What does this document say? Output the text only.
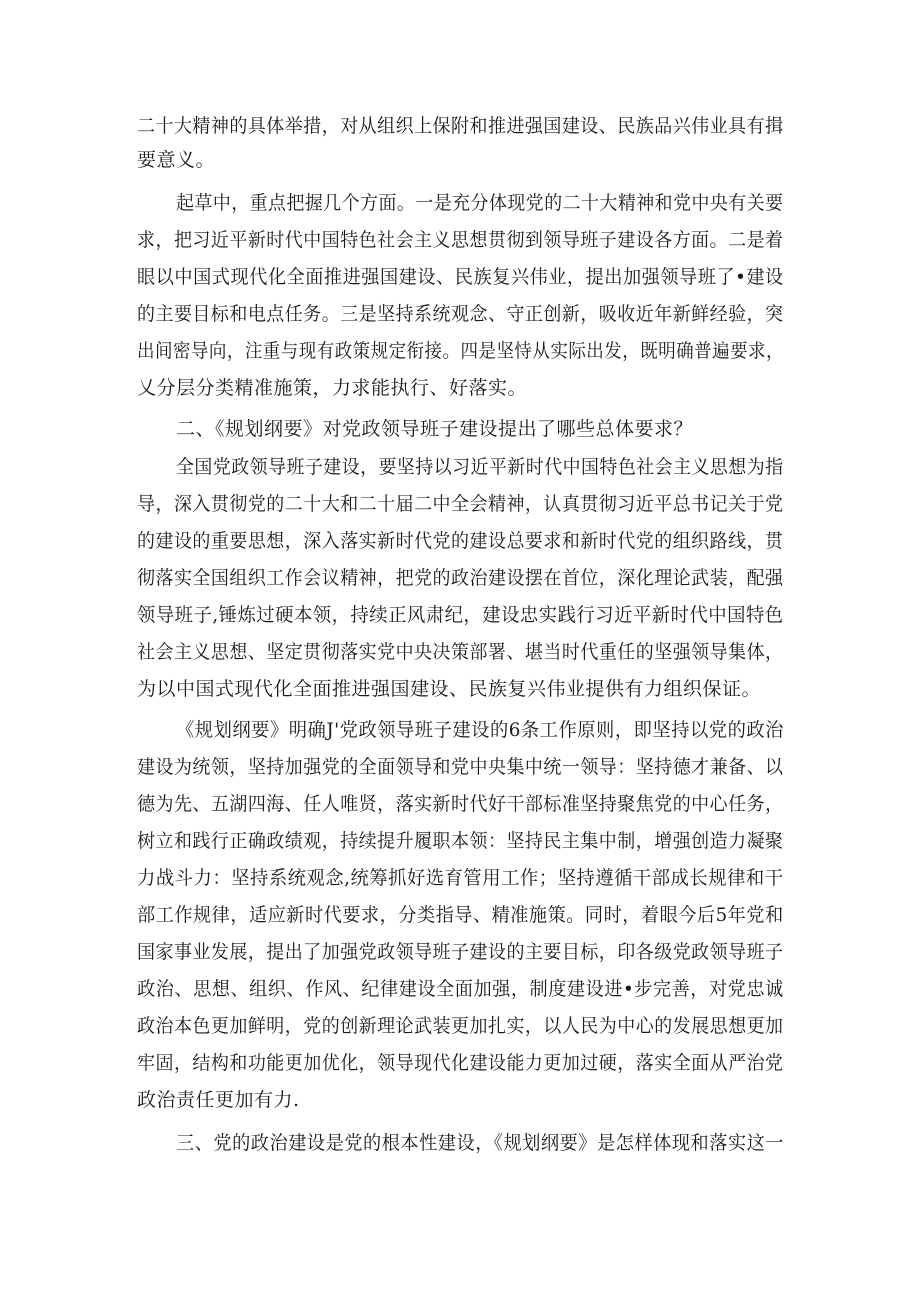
二十大精神的具体举措，对从组织上保附和推进强国建设、民族品兴伟业具有揖
要意义。
起草中，重点把握几个方面。一是充分体现党的二十大精神和党中央有关要
求，把习近平新时代中国特色社会主义思想贯彻到领导班子建设各方面。二是着
眼以中国式现代化全面推进强国建设、民族复兴伟业，提出加强领导班了•建设
的主要目标和电点任务。三是坚持系统观念、守正创新，吸收近年新鲜经验，突
出间密导向，注重与现有政策规定衔接。四是坚恃从实际出发，既明确普遍要求，
乂分层分类精准施策，力求能执行、好落实。
二、《规划纲要》对党政领导班子建设提出了哪些总体要求？
全国党政领导班子建设，要坚持以习近平新时代中国特色社会主义思想为指
导，深入贯彻党的二十大和二十届二中全会精神，认真贯彻习近平总书记关于党
的建设的重要思想，深入落实新时代党的建设总要求和新时代党的组织路线，贯
彻落实全国组织工作会议精神，把党的政治建设摆在首位，深化理论武装，配强
领导班子,锤炼过硬本领，持续正风肃纪，建设忠实践行习近平新时代中国特色
社会主义思想、坚定贯彻落实党中央决策部署、堪当时代重任的坚强领导集体，
为以中国式现代化全面推进强国建设、民族复兴伟业提供有力组织保证。
《规划纲要》明确J'党政领导班子建设的6条工作原则，即坚持以党的政治
建设为统领，坚持加强党的全面领导和党中央集中统一领导：坚持德才兼备、以
德为先、五湖四海、任人唯贤，落实新时代好干部标准坚持聚焦党的中心任务，
树立和践行正确政绩观，持续提升履职本领：坚持民主集中制，增强创造力凝聚
力战斗力：坚持系统观念,统筹抓好选育管用工作；坚持遵循干部成长规律和干
部工作规律，适应新时代要求，分类指导、精准施策。同时，着眼今后5年党和
国家事业发展，提出了加强党政领导班子建设的主要目标，印各级党政领导班子
政治、思想、组织、作风、纪律建设全面加强，制度建设进•步完善，对党忠诚
政治本色更加鲜明，党的创新理论武装更加扎实，以人民为中心的发展思想更加
牢固，结构和功能更加优化，领导现代化建设能力更加过硬，落实全面从严治党
政治责任更加有力.
三、党的政治建设是党的根本性建设，《规划纲要》是怎样体现和落实这一
